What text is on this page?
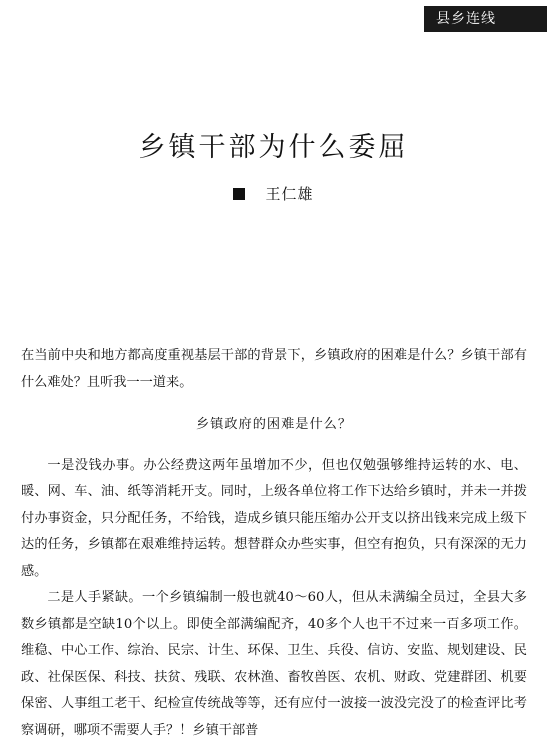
县乡连线
乡镇干部为什么委屈
王仁雄

在当前中央和地方都高度重视基层干部的背景下，乡镇政府的困难是什么？乡镇干部有什么难处？且听我一一道来。

乡镇政府的困难是什么？

一是没钱办事。办公经费这两年虽增加不少，但也仅勉强够维持运转的水、电、暖、网、车、油、纸等消耗开支。同时，上级各单位将工作下达给乡镇时，并未一并拨付办事资金，只分配任务，不给钱，造成乡镇只能压缩办公开支以挤出钱来完成上级下达的任务，乡镇都在艰难维持运转。想替群众办些实事，但空有抱负，只有深深的无力感。

二是人手紧缺。一个乡镇编制一般也就40～60人，但从未满编全员过，全县大多数乡镇都是空缺10个以上。即使全部满编配齐，40多个人也干不过来一百多项工作。维稳、中心工作、综治、民宗、计生、环保、卫生、兵役、信访、安监、规划建设、民政、社保医保、科技、扶贫、残联、农林渔、畜牧兽医、农机、财政、党建群团、机要保密、人事组工老干、纪检宣传统战等等，还有应付一波接一波没完没了的检查评比考察调研，哪项不需要人手？！乡镇干部普
